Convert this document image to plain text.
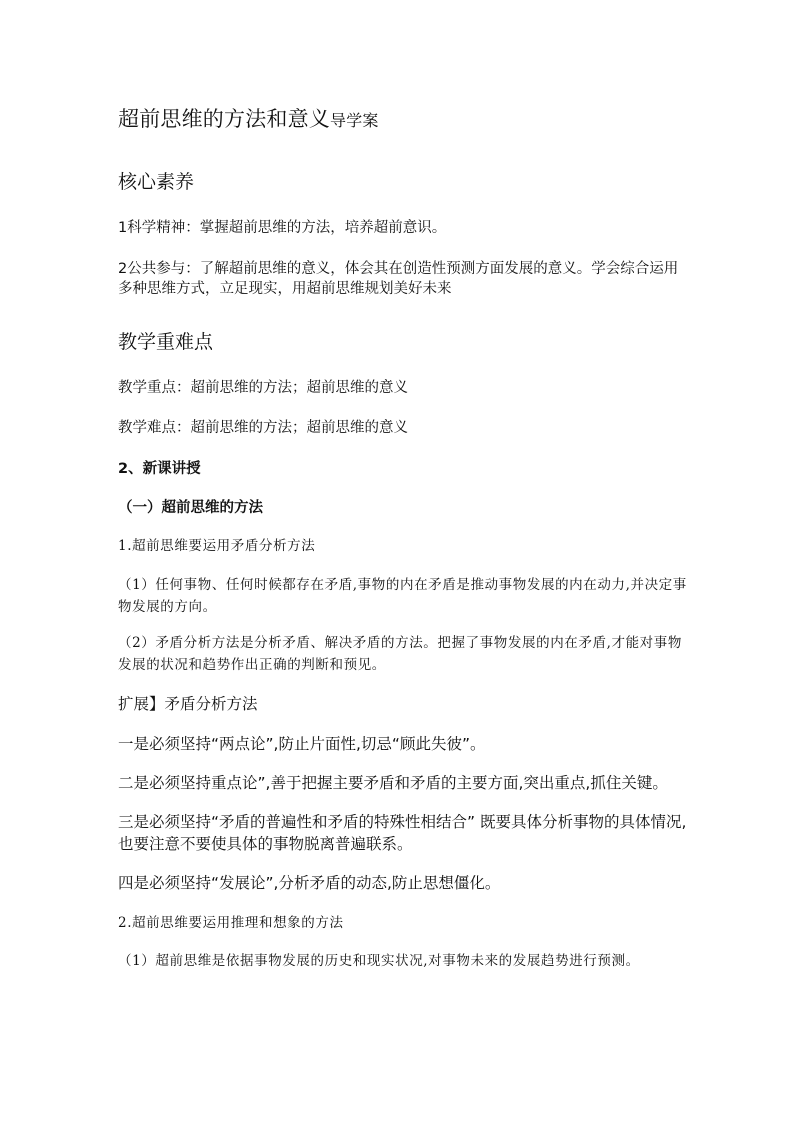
超前思维的方法和意义导学案
核心素养

1科学精神：掌握超前思维的方法，培养超前意识。

2公共参与：了解超前思维的意义，体会其在创造性预测方面发展的意义。学会综合运用多种思维方式，立足现实，用超前思维规划美好未来

教学重难点

教学重点：超前思维的方法；超前思维的意义

教学难点：超前思维的方法；超前思维的意义

2、新课讲授

（一）超前思维的方法

1.超前思维要运用矛盾分析方法

（1）任何事物、任何时候都存在矛盾,事物的内在矛盾是推动事物发展的内在动力,并决定事物发展的方向。

（2）矛盾分析方法是分析矛盾、解决矛盾的方法。把握了事物发展的内在矛盾,才能对事物发展的状况和趋势作出正确的判断和预见。

扩展】矛盾分析方法

一是必须坚持“两点论”,防止片面性,切忌“顾此失彼”。

二是必须坚持重点论”,善于把握主要矛盾和矛盾的主要方面,突出重点,抓住关键。

三是必须坚持“矛盾的普遍性和矛盾的特殊性相结合” 既要具体分析事物的具体情况,也要注意不要使具体的事物脱离普遍联系。

四是必须坚持“发展论”,分析矛盾的动态,防止思想僵化。

2.超前思维要运用推理和想象的方法

（1）超前思维是依据事物发展的历史和现实状况,对事物未来的发展趋势进行预测。
